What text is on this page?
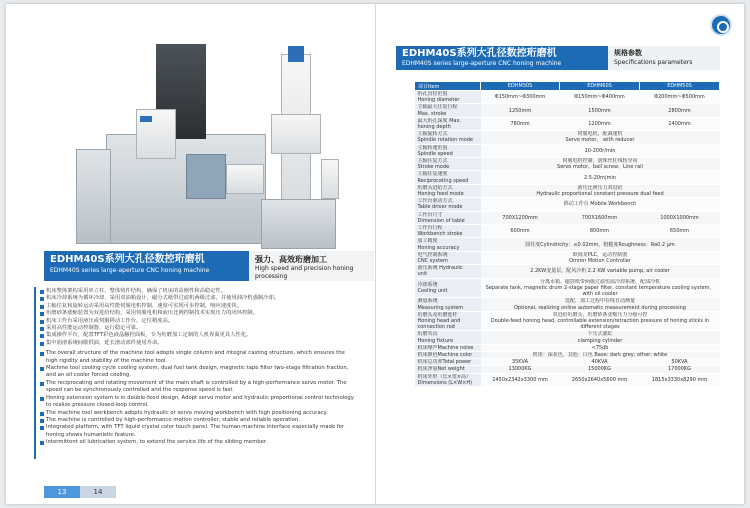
EDHM40S系列大孔径数控珩磨机
EDHM40S series large-aperture CNC honing machine
强力、高效珩磨加工
High speed and precision honing processing
机床整体架构采用单立柱，整体铸件结构，确保了机床的高刚性和高稳定性。
机床冷却系统为循环冷却，采用双油箱设计，磁分式纸带过滤机两级过滤，并使用油冷机强制冷却。
主轴往复和旋转运动采用高性能伺服电机控制，速度可实现可步控制，响应速度快。
珩磨砂条涨缩装置为双进给结构，采用伺服电机和液压比例控制技术实现压力的闭环控制。
机床工作台采用液压或伺服移动工作台，定位精度高。
采用高性能运动控制器，运行稳定可靠。
集成操作平台，配置TFT彩色液晶触控面板，专为珩磨加工定制的人机界面更具人性化。
集中润滑系统间歇供油，延长滑动部件使用寿命。
The overall structure of the machine tool adopts single column and integral casting structure, which ensures the high rigidity and stability of the machine tool.
Machine tool cooling cycle cooling system, dual fuel tank design, magnetic tape filter two-stage filtration fraction, and an oil cooler forced cooling.
The reciprocating and rotating movement of the main shaft is controlled by a high-performance servo motor. The speed can be synchronously controlled and the response speed is fast.
Honing extension system is in double-feed design, Adopt servo motor and hydraulic proportional control technology to realize pressure closed-loop control.
The machine tool workbench adopts hydraulic or servo moving workbench with high positioning accuracy.
The machine is controlled by high-performance motion controller, stable and reliable operation.
Integrated platform, with TFT liquid crystal color touch panel. The human-machine interface especially made for honing shows humanistic feature.
Intermittent oil lubrication system, to extend the service life of the sliding member.
13	14
EDHM40S系列大孔径数控珩磨机
EDHM40S series large-aperture CNC honing machine
规格参数
Specifications parameters
项目Item	EDHM30S	EDHM60S	EDHM50S
珩孔直径范围
Honing diameter	Φ150mm~Φ300mm	Φ150mm~Φ400mm	Φ200mm~Φ500mm
主轴最大往复行程
Max. stroke	1250mm	1500mm	2800mm
最大珩孔深度 Max.
honing depth	780mm	1200mm	2400mm
主轴旋转方式
Spindle rotation mode	伺服电机，配减速机
Servo motor， with reducer		
主轴转速范围
Spindle speed	10-200r/min		
主轴往复方式
Stroke mode	伺服电机控制，滚珠丝杠线轨导向
Servo motor、ball screw、Line rail		
主轴往复速度
Reciprocating speed	2.5-20m/min		
珩磨头进给方式
Honing feed mode	液压比例压力双进给
Hydraulic proportional constant pressure dual feed		
工作台驱动方式
Table driver mode	移动工作台 Mobile Workbench		
工作台尺寸
Dimension of table	700X1200mm	700X1600mm	1000X1000mm
工作台行程
Workbench stroke	600mm	800mm	650mm
加工精度
Honing accuracy	圆柱度Cylindricity：≤0.02mm，粗糙度Roughness：Ra0.2 μm		
电气控制系统
CNC system	欧姆龙PLC，运动控制器
Omron Motion Controller		
液压系统 Hydraulic
unit	2.2KW变量泵，配风冷机 2.2 KW variable pump, air cooler		
冷却系统
Cooling unit	分离水箱、磁鼓纸带两级过滤恒温冷却系统、配油冷机
Separate tank, magnetic drum 2-stage paper filter, constant temperature cooling system，with oil cooler		
测量系统
Measuring system	选配，加工过程中在线自动测量
Optional, realizing online automatic measurement during processing		
珩磨头及珩磨连杆
Honing head and
connection rod	双进给珩磨头，珩磨砂条张缩压力分级可控
Double-feed honing head, controllable extension/retraction pressure of honing sticks in different stages		
珩磨夹具
Honing fixture	下压式涨缸
clamping cylinder		
机床噪声Machine noise	<75db		
机床颜色Machine color	机座：深灰色，其他：白色 Base: dark grey; other: white		
机床总功率Total power	35KVA	40KVA	50KVA
机床净重Net weight	13000KG	15000KG	17000KG
机床外形（长×宽×高）
Dimensions (L×W×H)	2450x2342x3300 mm	2650x2640x5600 mm	1815x3330x8290 mm
